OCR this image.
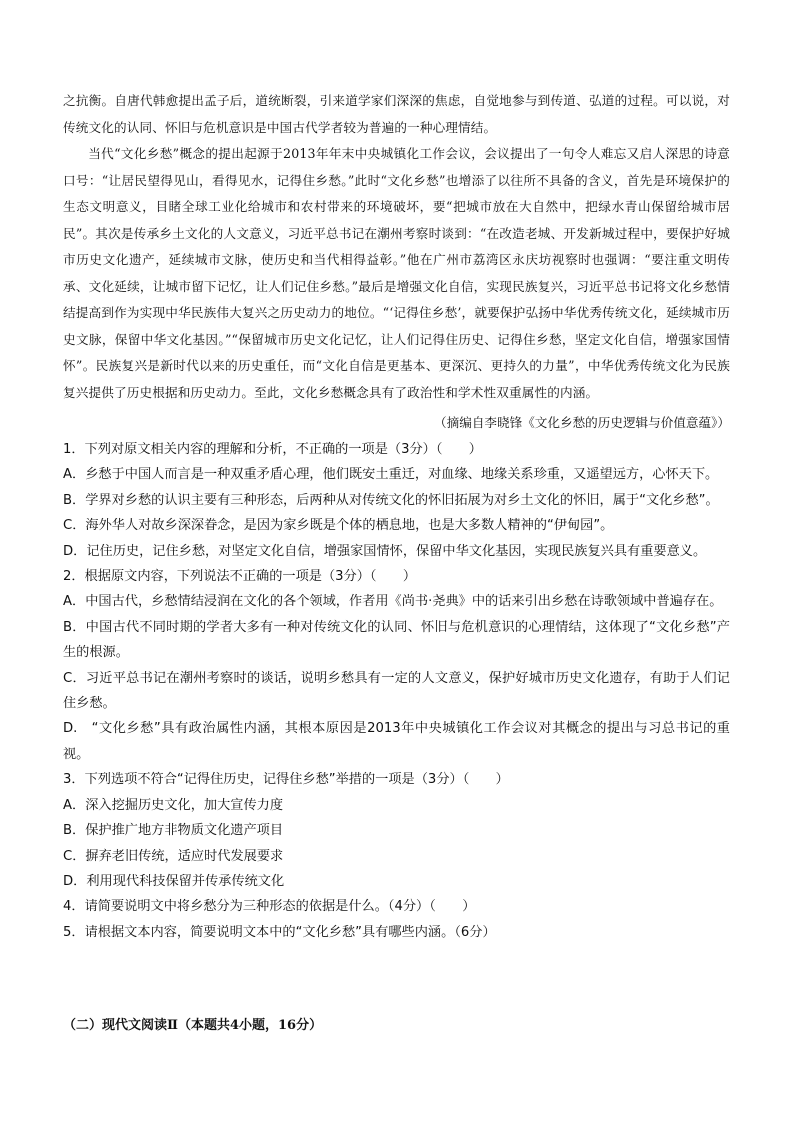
之抗衡。自唐代韩愈提出孟子后，道统断裂，引来道学家们深深的焦虑，自觉地参与到传道、弘道的过程。可以说，对传统文化的认同、怀旧与危机意识是中国古代学者较为普遍的一种心理情结。

当代“文化乡愁”概念的提出起源于2013年年末中央城镇化工作会议，会议提出了一句令人难忘又启人深思的诗意口号：“让居民望得见山，看得见水，记得住乡愁。”此时“文化乡愁”也增添了以往所不具备的含义，首先是环境保护的生态文明意义，目睹全球工业化给城市和农村带来的环境破坏，要“把城市放在大自然中，把绿水青山保留给城市居民”。其次是传承乡土文化的人文意义，习近平总书记在潮州考察时谈到：“在改造老城、开发新城过程中，要保护好城市历史文化遗产，延续城市文脉，使历史和当代相得益彰。”他在广州市荔湾区永庆坊视察时也强调：“要注重文明传承、文化延续，让城市留下记忆，让人们记住乡愁。”最后是增强文化自信，实现民族复兴，习近平总书记将文化乡愁情结提高到作为实现中华民族伟大复兴之历史动力的地位。“‘记得住乡愁’，就要保护弘扬中华优秀传统文化，延续城市历史文脉，保留中华文化基因。”“保留城市历史文化记忆，让人们记得住历史、记得住乡愁，坚定文化自信，增强家国情怀”。民族复兴是新时代以来的历史重任，而“文化自信是更基本、更深沉、更持久的力量”，中华优秀传统文化为民族复兴提供了历史根据和历史动力。至此，文化乡愁概念具有了政治性和学术性双重属性的内涵。

（摘编自李晓锋《文化乡愁的历史逻辑与价值意蕴》）
1．下列对原文相关内容的理解和分析，不正确的一项是（3分）（　　）
A．乡愁于中国人而言是一种双重矛盾心理，他们既安土重迁，对血缘、地缘关系珍重，又遥望远方，心怀天下。
B．学界对乡愁的认识主要有三种形态，后两种从对传统文化的怀旧拓展为对乡土文化的怀旧，属于“文化乡愁”。
C．海外华人对故乡深深眷念，是因为家乡既是个体的栖息地，也是大多数人精神的“伊甸园”。
D．记住历史，记住乡愁，对坚定文化自信，增强家国情怀，保留中华文化基因，实现民族复兴具有重要意义。
2．根据原文内容，下列说法不正确的一项是（3分）（　　）
A．中国古代，乡愁情结浸润在文化的各个领域，作者用《尚书·尧典》中的话来引出乡愁在诗歌领域中普遍存在。
B．中国古代不同时期的学者大多有一种对传统文化的认同、怀旧与危机意识的心理情结，这体现了“文化乡愁”产生的根源。
C．习近平总书记在潮州考察时的谈话，说明乡愁具有一定的人文意义，保护好城市历史文化遗存，有助于人们记住乡愁。
D.　“文化乡愁”具有政治属性内涵，其根本原因是2013年中央城镇化工作会议对其概念的提出与习总书记的重视。
3．下列选项不符合“记得住历史，记得住乡愁”举措的一项是（3分）（　　）
A．深入挖掘历史文化，加大宣传力度
B．保护推广地方非物质文化遗产项目
C．摒弃老旧传统，适应时代发展要求
D．利用现代科技保留并传承传统文化
4．请简要说明文中将乡愁分为三种形态的依据是什么。（4分）（　　）
5．请根据文本内容，简要说明文本中的“文化乡愁”具有哪些内涵。（6分）
（二）现代文阅读Ⅱ（本题共4小题，16分）
